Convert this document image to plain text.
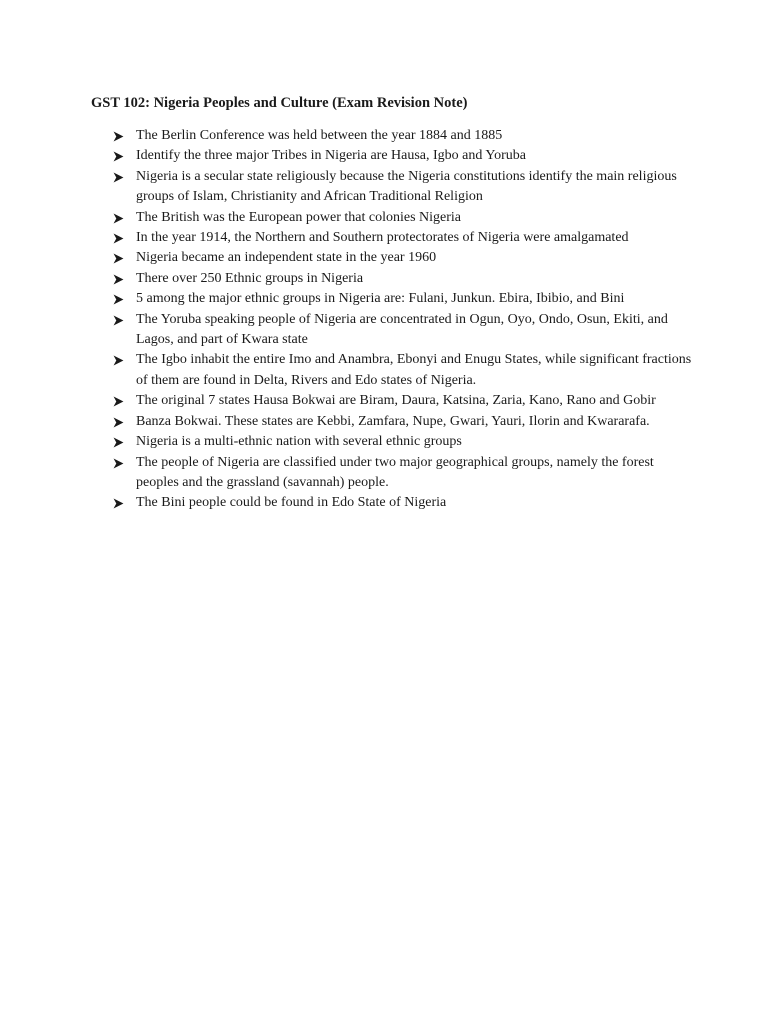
GST 102: Nigeria Peoples and Culture (Exam Revision Note)
The Berlin Conference was held between the year 1884 and 1885
Identify the three major Tribes in Nigeria are Hausa, Igbo and Yoruba
Nigeria is a secular state religiously because the Nigeria constitutions identify the main religious groups of Islam, Christianity and African Traditional Religion
The British was the European power that colonies Nigeria
In the year 1914, the Northern and Southern protectorates of Nigeria were amalgamated
Nigeria became an independent state in the year 1960
There over 250 Ethnic groups in Nigeria
5 among the major ethnic groups in Nigeria are: Fulani, Junkun. Ebira, Ibibio, and Bini
The Yoruba speaking people of Nigeria are concentrated in Ogun, Oyo, Ondo, Osun, Ekiti, and Lagos, and part of Kwara state
The Igbo inhabit the entire Imo and Anambra, Ebonyi and Enugu States, while significant fractions of them are found in Delta, Rivers and Edo states of Nigeria.
The original 7 states Hausa Bokwai are Biram, Daura, Katsina, Zaria, Kano, Rano and Gobir
Banza Bokwai. These states are Kebbi, Zamfara, Nupe, Gwari, Yauri, Ilorin and Kwararafa.
Nigeria is a multi-ethnic nation with several ethnic groups
The people of Nigeria are classified under two major geographical groups, namely the forest peoples and the grassland (savannah) people.
The Bini people could be found in Edo State of Nigeria
